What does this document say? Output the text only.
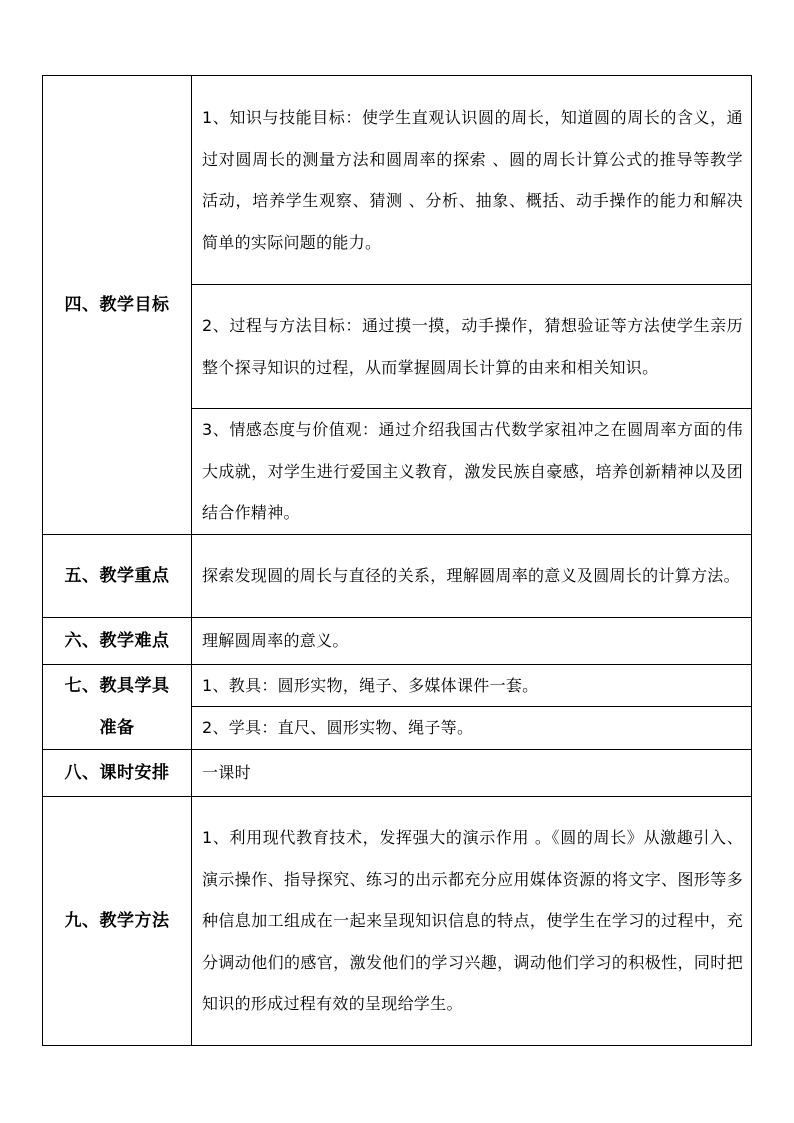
四、教学目标	1、知识与技能目标：使学生直观认识圆的周长，知道圆的周长的含义，通过对圆周长的测量方法和圆周率的探索 、圆的周长计算公式的推导等教学活动，培养学生观察、猜测 、分析、抽象、概括、动手操作的能力和解决简单的实际问题的能力。
	2、过程与方法目标：通过摸一摸，动手操作，猜想验证等方法使学生亲历整个探寻知识的过程，从而掌握圆周长计算的由来和相关知识。
	3、情感态度与价值观：通过介绍我国古代数学家祖冲之在圆周率方面的伟大成就，对学生进行爱国主义教育，激发民族自豪感，培养创新精神以及团结合作精神。
五、教学重点	探索发现圆的周长与直径的关系，理解圆周率的意义及圆周长的计算方法。
六、教学难点	理解圆周率的意义。

七、教具学具
准备	1、教具：圆形实物，绳子、多媒体课件一套。
	2、学具：直尺、圆形实物、绳子等。
八、课时安排	一课时
九、教学方法	1、利用现代教育技术，发挥强大的演示作用 。《圆的周长》从激趣引入、演示操作、指导探究、练习的出示都充分应用媒体资源的将文字、图形等多种信息加工组成在一起来呈现知识信息的特点，使学生在学习的过程中，充分调动他们的感官，激发他们的学习兴趣，调动他们学习的积极性，同时把知识的形成过程有效的呈现给学生。
